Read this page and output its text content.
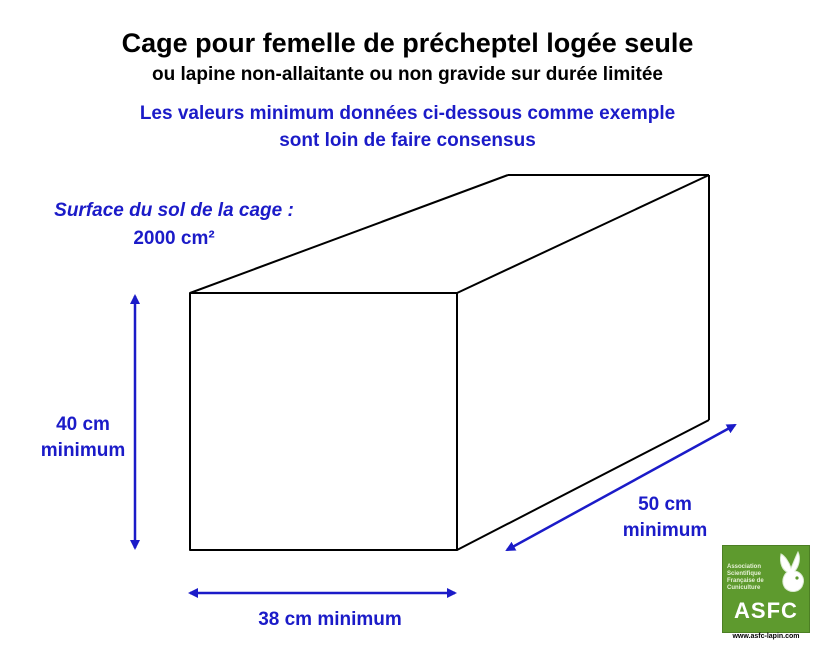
Cage pour femelle de précheptel logée seule
ou lapine non-allaitante ou non gravide sur durée limitée
Les valeurs minimum données ci-dessous comme exemple
sont loin de faire consensus
Surface du sol de la cage :
2000 cm²
40 cm
minimum
50 cm
minimum
38 cm minimum
Association Scientifique Française de Cuniculture
ASFC
www.asfc-lapin.com
